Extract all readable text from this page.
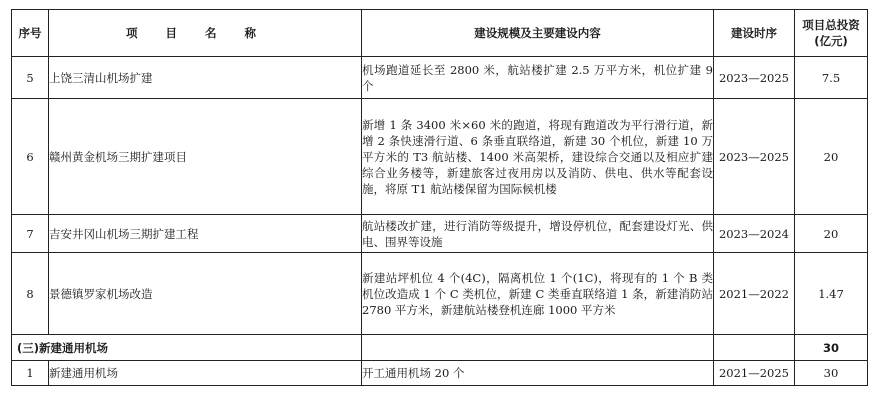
序号	项目名称	建设规模及主要建设内容	建设时序	项目总投资
(亿元)

5	上饶三清山机场扩建	机场跑道延长至 2800 米，航站楼扩建 2.5 万平方米，机位扩建 9 个	2023—2025	7.5
6	赣州黄金机场三期扩建项目	新增 1 条 3400 米×60 米的跑道，将现有跑道改为平行滑行道，新增 2 条快速滑行道、6 条垂直联络道，新建 30 个机位，新建 10 万平方米的 T3 航站楼、1400 米高架桥，建设综合交通以及相应扩建综合业务楼等，新建旅客过夜用房以及消防、供电、供水等配套设施，将原 T1 航站楼保留为国际候机楼	2023—2025	20
7	吉安井冈山机场三期扩建工程	航站楼改扩建，进行消防等级提升，增设停机位，配套建设灯光、供电、围界等设施	2023—2024	20
8	景德镇罗家机场改造	新建站坪机位 4 个(4C)，隔离机位 1 个(1C)，将现有的 1 个 B 类机位改造成 1 个 C 类机位，新建 C 类垂直联络道 1 条，新建消防站 2780 平方米，新建航站楼登机连廊 1000 平方米	2021—2022	1.47
(三)新建通用机场				30
1	新建通用机场	开工通用机场 20 个	2021—2025	30
